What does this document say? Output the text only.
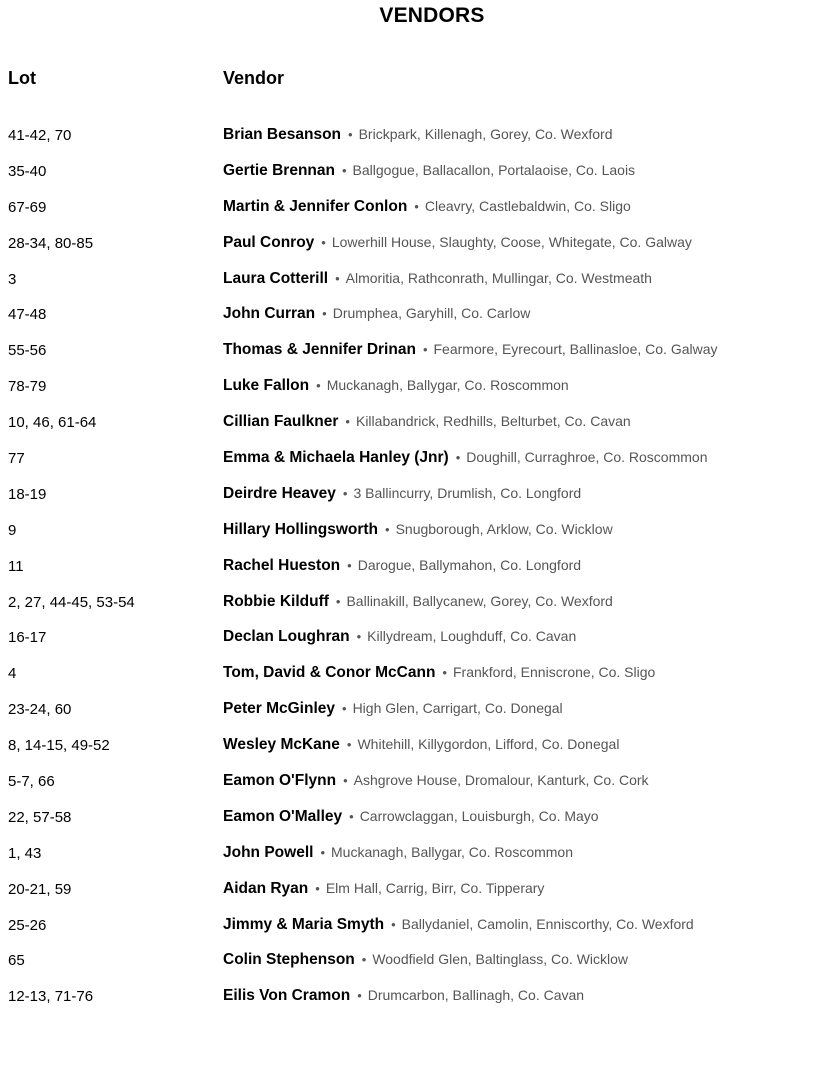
VENDORS
Lot	Vendor
41-42, 70	Brian Besanson • Brickpark, Killenagh, Gorey, Co. Wexford
35-40	Gertie Brennan • Ballgogue, Ballacallon, Portalaoise, Co. Laois
67-69	Martin & Jennifer Conlon • Cleavry, Castlebaldwin, Co. Sligo
28-34, 80-85	Paul Conroy • Lowerhill House, Slaughty, Coose, Whitegate, Co. Galway
3	Laura Cotterill • Almoritia, Rathconrath, Mullingar, Co. Westmeath
47-48	John Curran • Drumphea, Garyhill, Co. Carlow
55-56	Thomas & Jennifer Drinan • Fearmore, Eyrecourt, Ballinasloe, Co. Galway
78-79	Luke Fallon • Muckanagh, Ballygar, Co. Roscommon
10, 46, 61-64	Cillian Faulkner • Killabandrick, Redhills, Belturbet, Co. Cavan
77	Emma & Michaela Hanley (Jnr) • Doughill, Curraghroe, Co. Roscommon
18-19	Deirdre Heavey • 3 Ballincurry, Drumlish, Co. Longford
9	Hillary Hollingsworth • Snugborough, Arklow, Co. Wicklow
11	Rachel Hueston • Darogue, Ballymahon, Co. Longford
2, 27, 44-45, 53-54	Robbie Kilduff • Ballinakill, Ballycanew, Gorey, Co. Wexford
16-17	Declan Loughran • Killydream, Loughduff, Co. Cavan
4	Tom, David & Conor McCann • Frankford, Enniscrone, Co. Sligo
23-24, 60	Peter McGinley • High Glen, Carrigart, Co. Donegal
8, 14-15, 49-52	Wesley McKane • Whitehill, Killygordon, Lifford, Co. Donegal
5-7, 66	Eamon O'Flynn • Ashgrove House, Dromalour, Kanturk, Co. Cork
22, 57-58	Eamon O'Malley • Carrowclaggan, Louisburgh, Co. Mayo
1, 43	John Powell • Muckanagh, Ballygar, Co. Roscommon
20-21, 59	Aidan Ryan • Elm Hall, Carrig, Birr, Co. Tipperary
25-26	Jimmy & Maria Smyth • Ballydaniel, Camolin, Enniscorthy, Co. Wexford
65	Colin Stephenson • Woodfield Glen, Baltinglass, Co. Wicklow
12-13, 71-76	Eilis Von Cramon • Drumcarbon, Ballinagh, Co. Cavan
